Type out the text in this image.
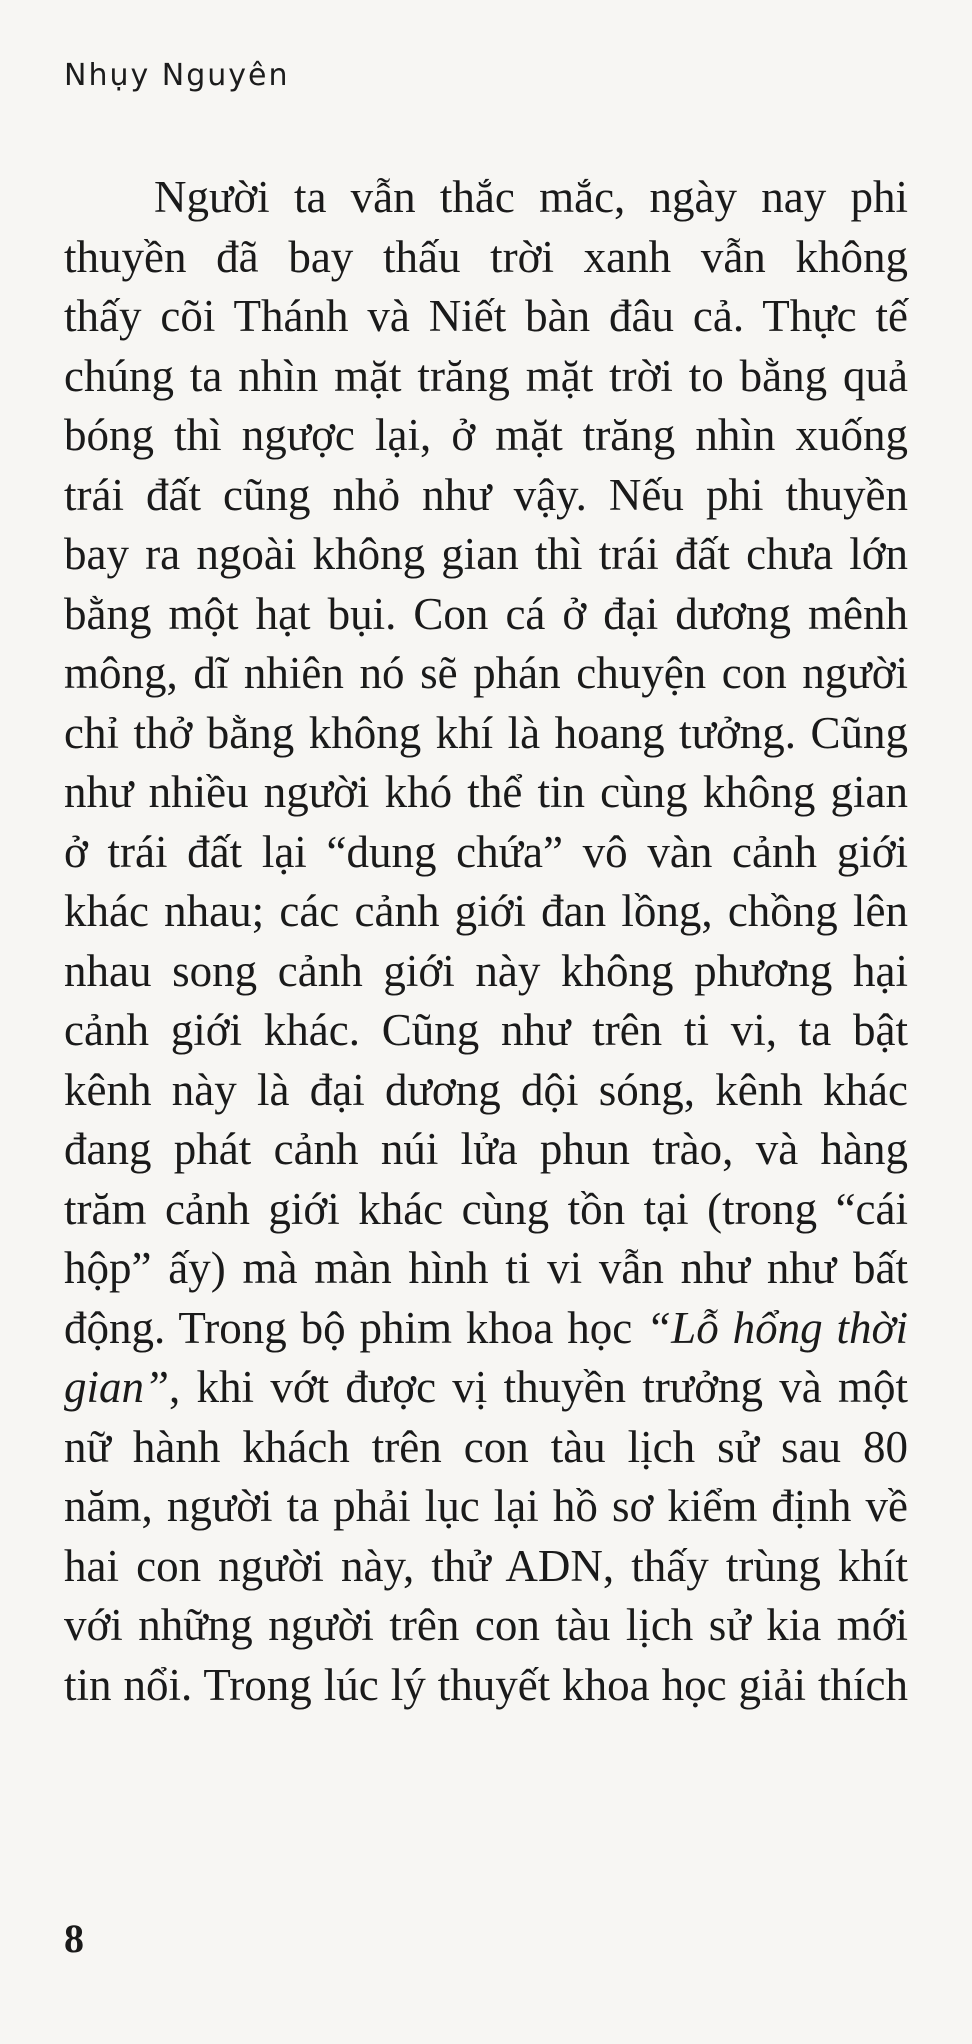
Nhụy Nguyên
Người ta vẫn thắc mắc, ngày nay phi
thuyền đã bay thấu trời xanh vẫn không
thấy cõi Thánh và Niết bàn đâu cả. Thực tế
chúng ta nhìn mặt trăng mặt trời to bằng quả
bóng thì ngược lại, ở mặt trăng nhìn xuống
trái đất cũng nhỏ như vậy. Nếu phi thuyền
bay ra ngoài không gian thì trái đất chưa lớn
bằng một hạt bụi. Con cá ở đại dương mênh
mông, dĩ nhiên nó sẽ phán chuyện con người
chỉ thở bằng không khí là hoang tưởng. Cũng
như nhiều người khó thể tin cùng không gian
ở trái đất lại “dung chứa” vô vàn cảnh giới
khác nhau; các cảnh giới đan lồng, chồng lên
nhau song cảnh giới này không phương hại
cảnh giới khác. Cũng như trên ti vi, ta bật
kênh này là đại dương dội sóng, kênh khác
đang phát cảnh núi lửa phun trào, và hàng
trăm cảnh giới khác cùng tồn tại (trong “cái
hộp” ấy) mà màn hình ti vi vẫn như như bất
động. Trong bộ phim khoa học “Lỗ hổng thời
gian”, khi vớt được vị thuyền trưởng và một
nữ hành khách trên con tàu lịch sử sau 80
năm, người ta phải lục lại hồ sơ kiểm định về
hai con người này, thử ADN, thấy trùng khít
với những người trên con tàu lịch sử kia mới
tin nổi. Trong lúc lý thuyết khoa học giải thích
8
